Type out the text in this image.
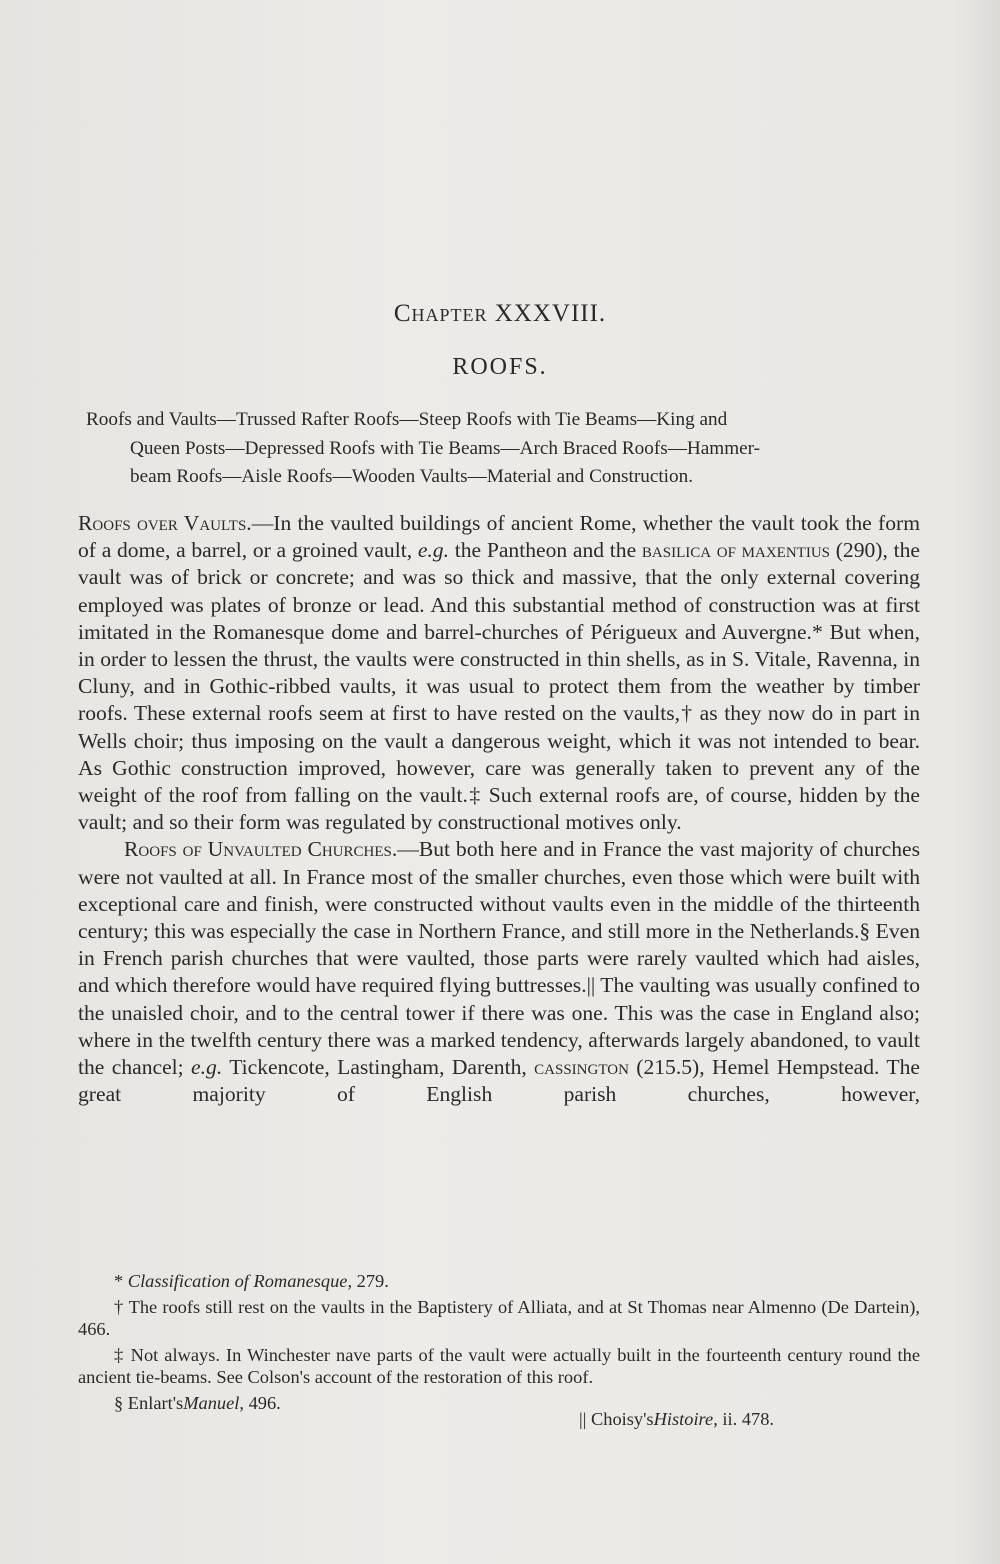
Chapter XXXVIII.
ROOFS.
Roofs and Vaults—Trussed Rafter Roofs—Steep Roofs with Tie Beams—King and
Queen Posts—Depressed Roofs with Tie Beams—Arch Braced Roofs—Hammer-
beam Roofs—Aisle Roofs—Wooden Vaults—Material and Construction.

Roofs over Vaults.—In the vaulted buildings of ancient Rome, whether the vault took the form of a dome, a barrel, or a groined vault, e.g. the Pantheon and the basilica of maxentius (290), the vault was of brick or concrete; and was so thick and massive, that the only external covering employed was plates of bronze or lead. And this substantial method of construction was at first imitated in the Romanesque dome and barrel-churches of Périgueux and Auvergne.* But when, in order to lessen the thrust, the vaults were constructed in thin shells, as in S. Vitale, Ravenna, in Cluny, and in Gothic-ribbed vaults, it was usual to protect them from the weather by timber roofs. These external roofs seem at first to have rested on the vaults,† as they now do in part in Wells choir; thus imposing on the vault a dangerous weight, which it was not intended to bear. As Gothic construction improved, however, care was generally taken to prevent any of the weight of the roof from falling on the vault.‡ Such external roofs are, of course, hidden by the vault; and so their form was regulated by constructional motives only.

Roofs of Unvaulted Churches.—But both here and in France the vast majority of churches were not vaulted at all. In France most of the smaller churches, even those which were built with exceptional care and finish, were constructed without vaults even in the middle of the thirteenth century; this was especially the case in Northern France, and still more in the Netherlands.§ Even in French parish churches that were vaulted, those parts were rarely vaulted which had aisles, and which therefore would have required flying buttresses.|| The vaulting was usually confined to the unaisled choir, and to the central tower if there was one. This was the case in England also; where in the twelfth century there was a marked tendency, afterwards largely abandoned, to vault the chancel; e.g. Tickencote, Lastingham, Darenth, cassington (215.5), Hemel Hempstead. The great majority of English parish churches, however,

* Classification of Romanesque, 279.

† The roofs still rest on the vaults in the Baptistery of Alliata, and at St Thomas near Almenno (De Dartein), 466.

‡ Not always. In Winchester nave parts of the vault were actually built in the fourteenth century round the ancient tie-beams. See Colson's account of the restoration of this roof.

§ Enlart'sManuel, 496.
|| Choisy'sHistoire, ii. 478.
